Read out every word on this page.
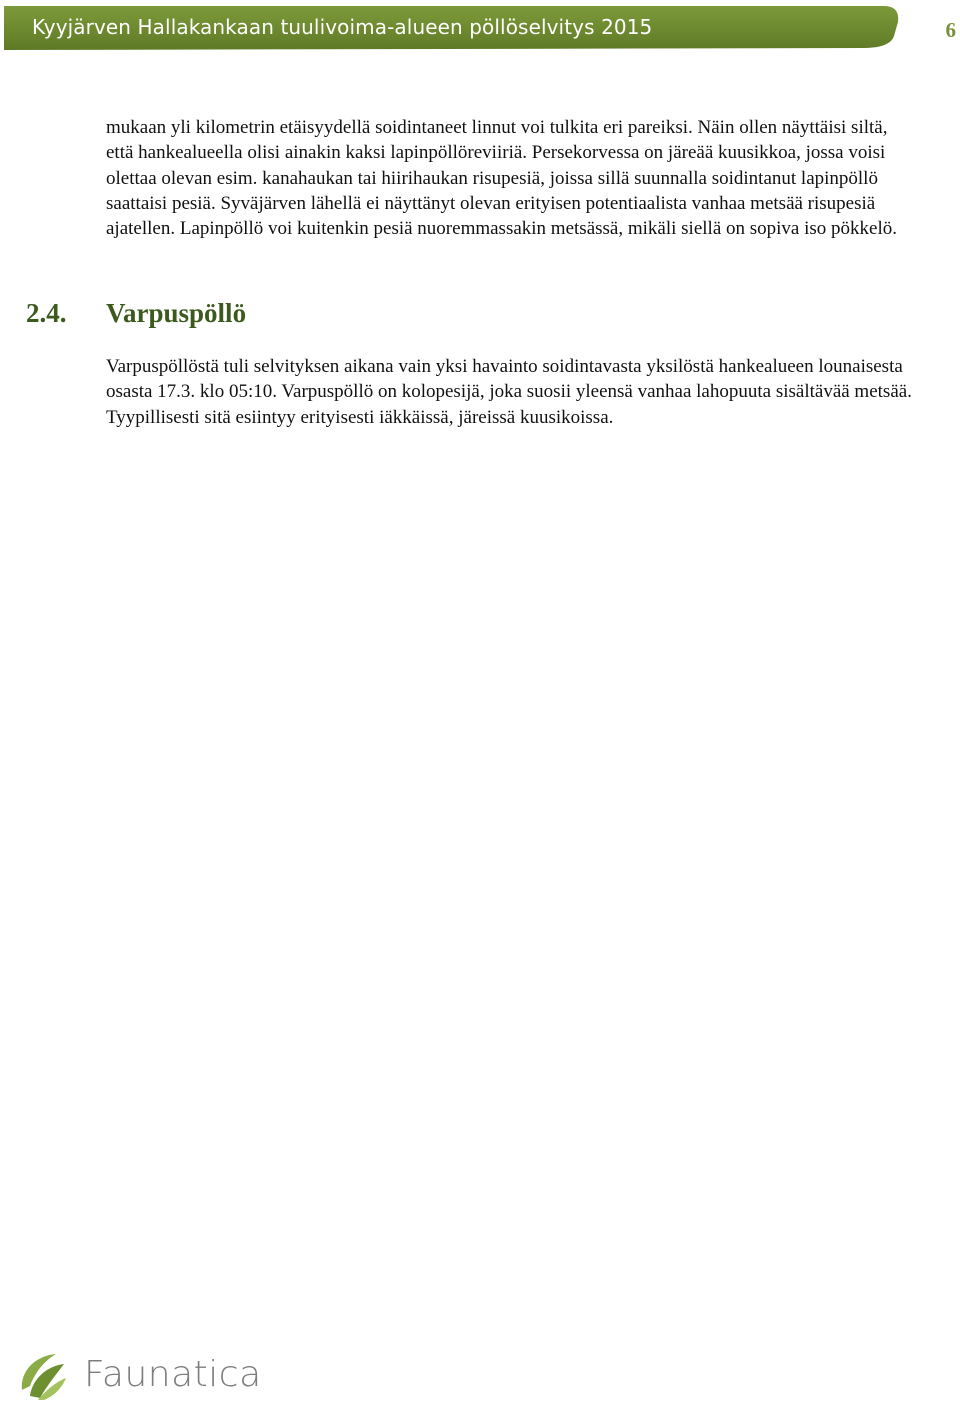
Kyyjärven Hallakankaan tuulivoima-alueen pöllöselvitys 2015	6

mukaan yli kilometrin etäisyydellä soidintaneet linnut voi tulkita eri pareiksi. Näin ollen näyttäisi siltä, että hankealueella olisi ainakin kaksi lapinpöllöreviiriä. Persekorvessa on järeää kuusikkoa, jossa voisi olettaa olevan esim. kanahaukan tai hiirihaukan risupesiä, joissa sillä suunnalla soidintanut lapinpöllö saattaisi pesiä. Syväjärven lähellä ei näyttänyt olevan erityisen potentiaalista vanhaa metsää risupesiä ajatellen. Lapinpöllö voi kuitenkin pesiä nuoremmassakin metsässä, mikäli siellä on sopiva iso pökkelö.

2.4. Varpuspöllö

Varpuspöllöstä tuli selvityksen aikana vain yksi havainto soidintavasta yksilöstä hankealueen lounaisesta osasta 17.3. klo 05:10. Varpuspöllö on kolopesijä, joka suosii yleensä vanhaa lahopuuta sisältävää metsää. Tyypillisesti sitä esiintyy erityisesti iäkkäissä, järeissä kuusikoissa.

Faunatica
